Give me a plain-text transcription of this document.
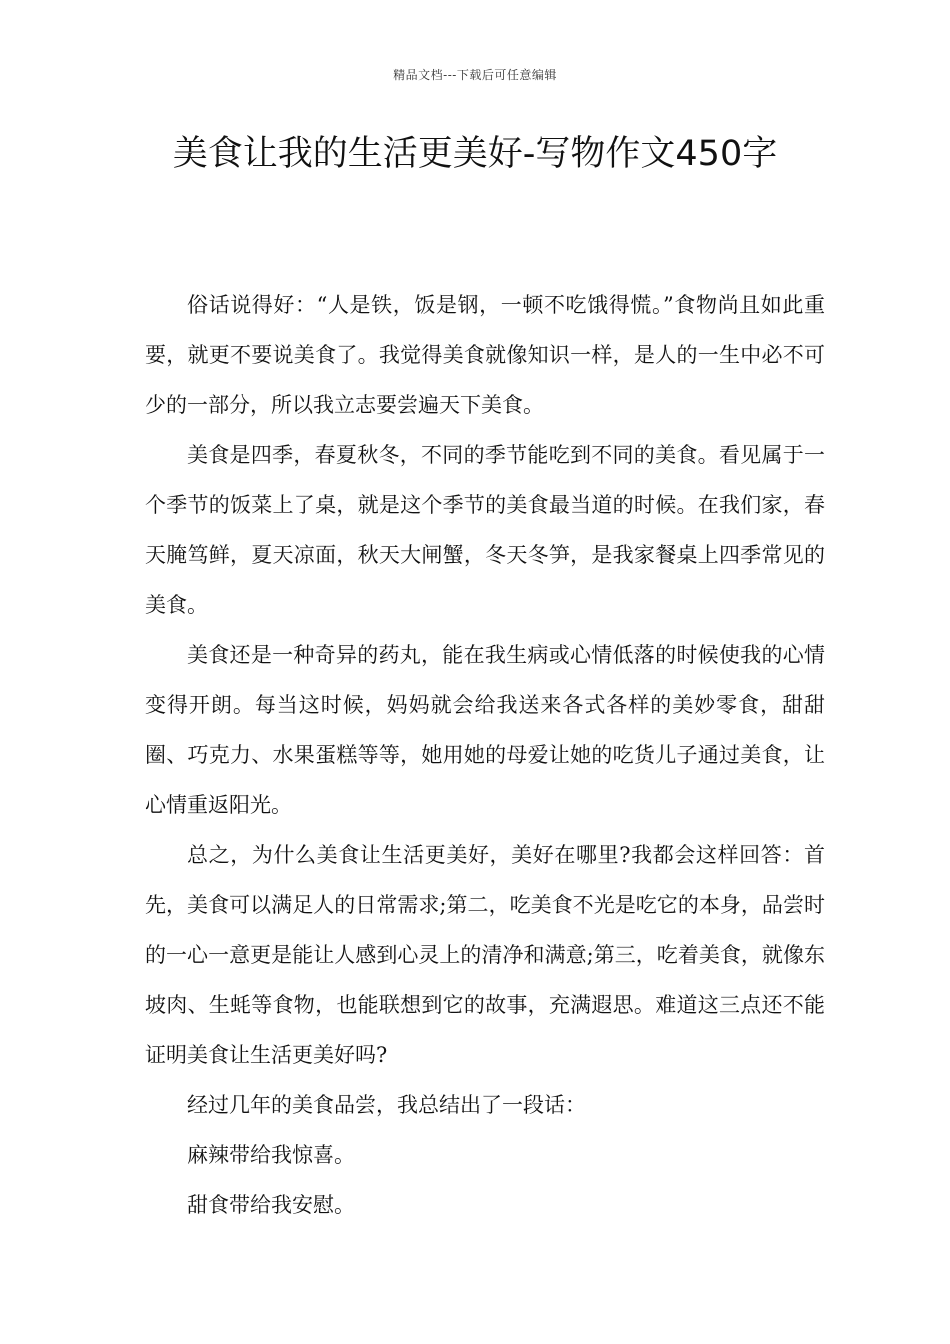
精品文档---下载后可任意编辑
美食让我的生活更美好-写物作文450字

俗话说得好：“人是铁，饭是钢，一顿不吃饿得慌。”食物尚且如此重要，就更不要说美食了。我觉得美食就像知识一样，是人的一生中必不可少的一部分，所以我立志要尝遍天下美食。

美食是四季，春夏秋冬，不同的季节能吃到不同的美食。看见属于一个季节的饭菜上了桌，就是这个季节的美食最当道的时候。在我们家，春天腌笃鲜，夏天凉面，秋天大闸蟹，冬天冬笋，是我家餐桌上四季常见的美食。

美食还是一种奇异的药丸，能在我生病或心情低落的时候使我的心情变得开朗。每当这时候，妈妈就会给我送来各式各样的美妙零食，甜甜圈、巧克力、水果蛋糕等等，她用她的母爱让她的吃货儿子通过美食，让心情重返阳光。

总之，为什么美食让生活更美好，美好在哪里?我都会这样回答：首先，美食可以满足人的日常需求;第二，吃美食不光是吃它的本身，品尝时的一心一意更是能让人感到心灵上的清净和满意;第三，吃着美食，就像东坡肉、生蚝等食物，也能联想到它的故事，充满遐思。难道这三点还不能证明美食让生活更美好吗?

经过几年的美食品尝，我总结出了一段话：

麻辣带给我惊喜。

甜食带给我安慰。
